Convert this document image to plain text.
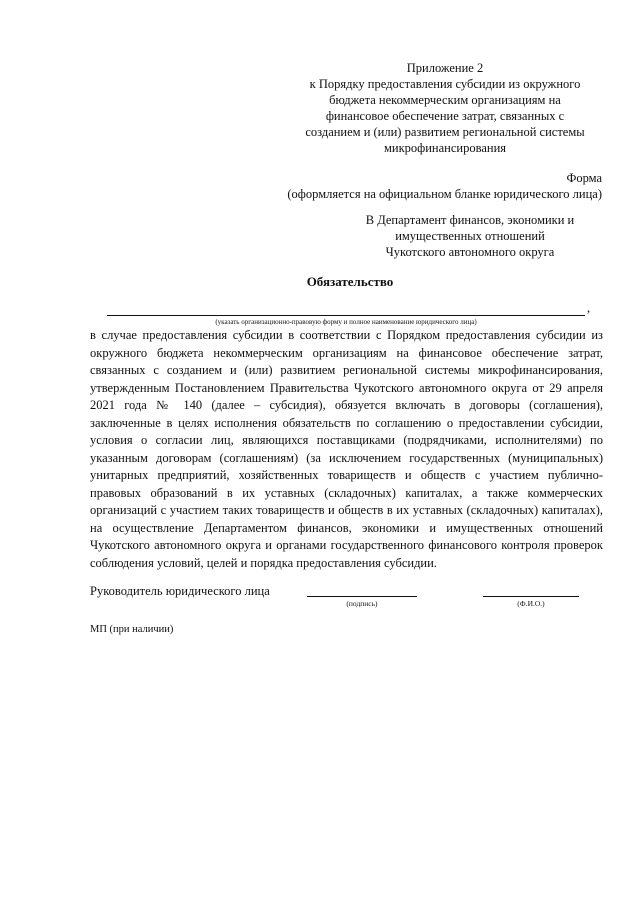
Приложение 2
к Порядку предоставления субсидии из окружного
бюджета некоммерческим организациям на
финансовое обеспечение затрат, связанных с
созданием и (или) развитием региональной системы
микрофинансирования
Форма
(оформляется на официальном бланке юридического лица)
В Департамент финансов, экономики и
имущественных отношений
Чукотского автономного округа
Обязательство
,
(указать организационно-правовую форму и полное наименование юридического лица)

в случае предоставления субсидии в соответствии с Порядком предоставления субсидии из окружного бюджета некоммерческим организациям на финансовое обеспечение затрат, связанных с созданием и (или) развитием региональной системы микрофинансирования, утвержденным Постановлением Правительства Чукотского автономного округа от 29 апреля 2021 года № 140 (далее – субсидия), обязуется включать в договоры (соглашения), заключенные в целях исполнения обязательств по соглашению о предоставлении субсидии, условия о согласии лиц, являющихся поставщиками (подрядчиками, исполнителями) по указанным договорам (соглашениям) (за исключением государственных (муниципальных) унитарных предприятий, хозяйственных товариществ и обществ с участием публично-правовых образований в их уставных (складочных) капиталах, а также коммерческих организаций с участием таких товариществ и обществ в их уставных (складочных) капиталах), на осуществление Департаментом финансов, экономики и имущественных отношений Чукотского автономного округа и органами государственного финансового контроля проверок соблюдения условий, целей и порядка предоставления субсидии.

Руководитель юридического лица
(подпись)	(Ф.И.О.)
МП (при наличии)
